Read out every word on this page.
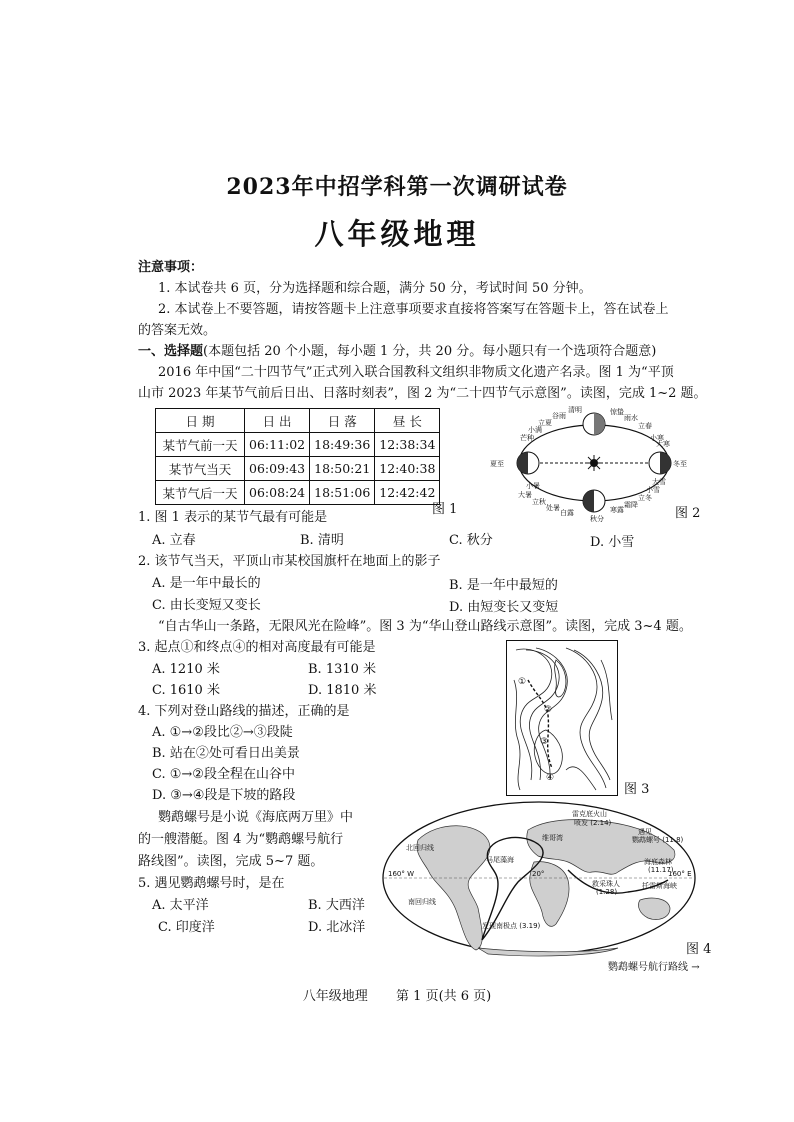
2023年中招学科第一次调研试卷
八年级地理
注意事项：
1. 本试卷共 6 页，分为选择题和综合题，满分 50 分，考试时间 50 分钟。
2. 本试卷上不要答题，请按答题卡上注意事项要求直接将答案写在答题卡上，答在试卷上
的答案无效。
一、选择题(本题包括 20 个小题，每小题 1 分，共 20 分。每小题只有一个选项符合题意)
2016 年中国“二十四节气”正式列入联合国教科文组织非物质文化遗产名录。图 1 为“平顶
山市 2023 年某节气前后日出、日落时刻表”，图 2 为“二十四节气示意图”。读图，完成 1~2 题。
日 期	日 出	日 落	昼 长
某节气前一天	06:11:02	18:49:36	12:38:34
某节气当天	06:09:43	18:50:21	12:40:38
某节气后一天	06:08:24	18:51:06	12:42:42
图 1
夏至	冬至
清明
谷雨
立夏
小满
芒种
小暑
大暑
立秋
处暑
白露	寒露
秋分
霜降
立冬
小雪
大雪
惊蛰
雨水
小寒
大寒
立春
图 2
1. 图 1 表示的某节气最有可能是
A. 立春	B. 清明	C. 秋分	D. 小雪
2. 该节气当天，平顶山市某校国旗杆在地面上的影子
A. 是一年中最长的	B. 是一年中最短的
C. 由长变短又变长	D. 由短变长又变短
“自古华山一条路，无限风光在险峰”。图 3 为“华山登山路线示意图”。读图，完成 3~4 题。
3. 起点①和终点④的相对高度最有可能是
A. 1210 米	B. 1310 米
C. 1610 米	D. 1810 米
4. 下列对登山路线的描述，正确的是
A. ①→②段比②→③段陡
B. 站在②处可看日出美景
C. ①→②段全程在山谷中
D. ③→④段是下坡的路段
①
②
③
④
图 3
鹦鹉螺号是小说《海底两万里》中
的一艘潜艇。图 4 为“鹦鹉螺号航行
路线图”。读图，完成 5~7 题。
5. 遇见鹦鹉螺号时，是在
A. 太平洋	B. 大西洋
C. 印度洋	D. 北冰洋
雷克底火山
喷发 (2.14)
遇见
鹦鹉螺号 (11.8)
海底森林
(11.17)
托雷斯海峡
维哥湾
救采珠人
(1.28)
发现南极点 (3.19)
马尾藻海
北回归线
南回归线
160° W	160° E
20°
图 4
鹦鹉螺号航行路线 →
八年级地理 第 1 页(共 6 页)
